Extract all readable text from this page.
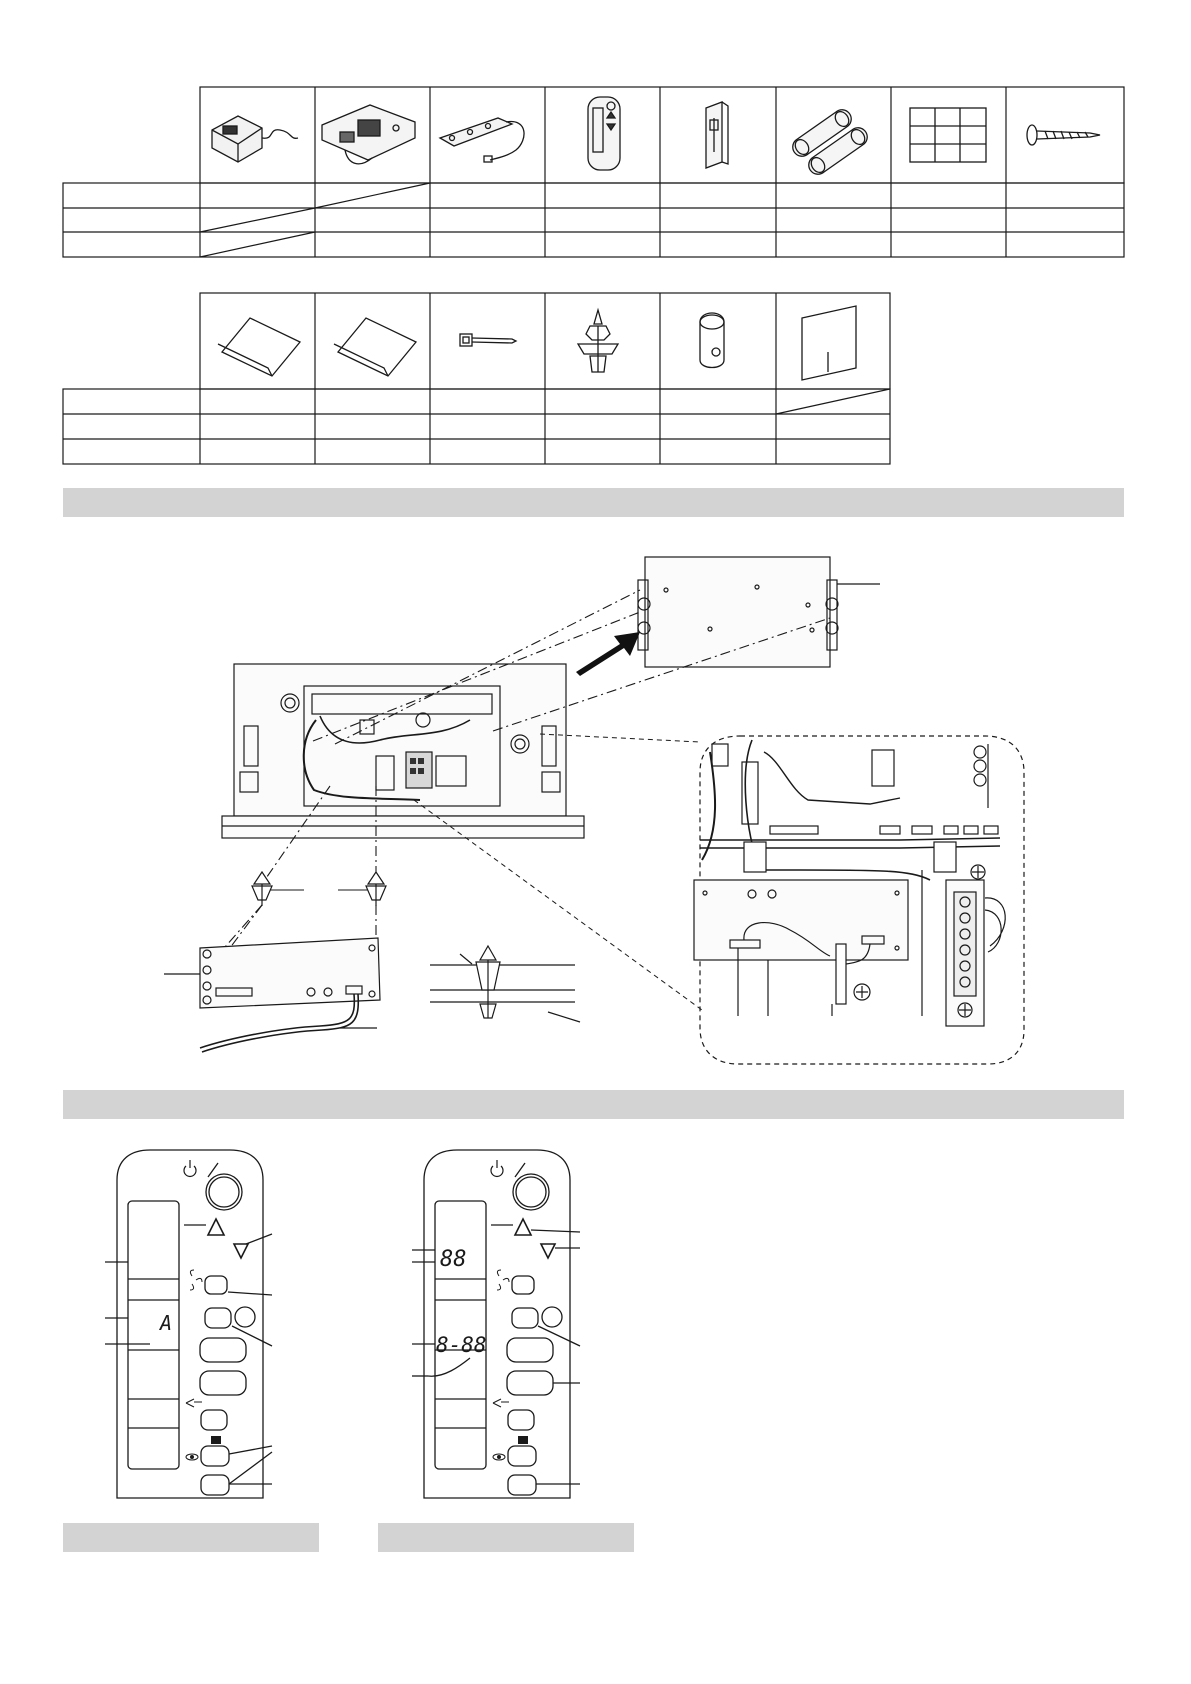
A
88
8-88
